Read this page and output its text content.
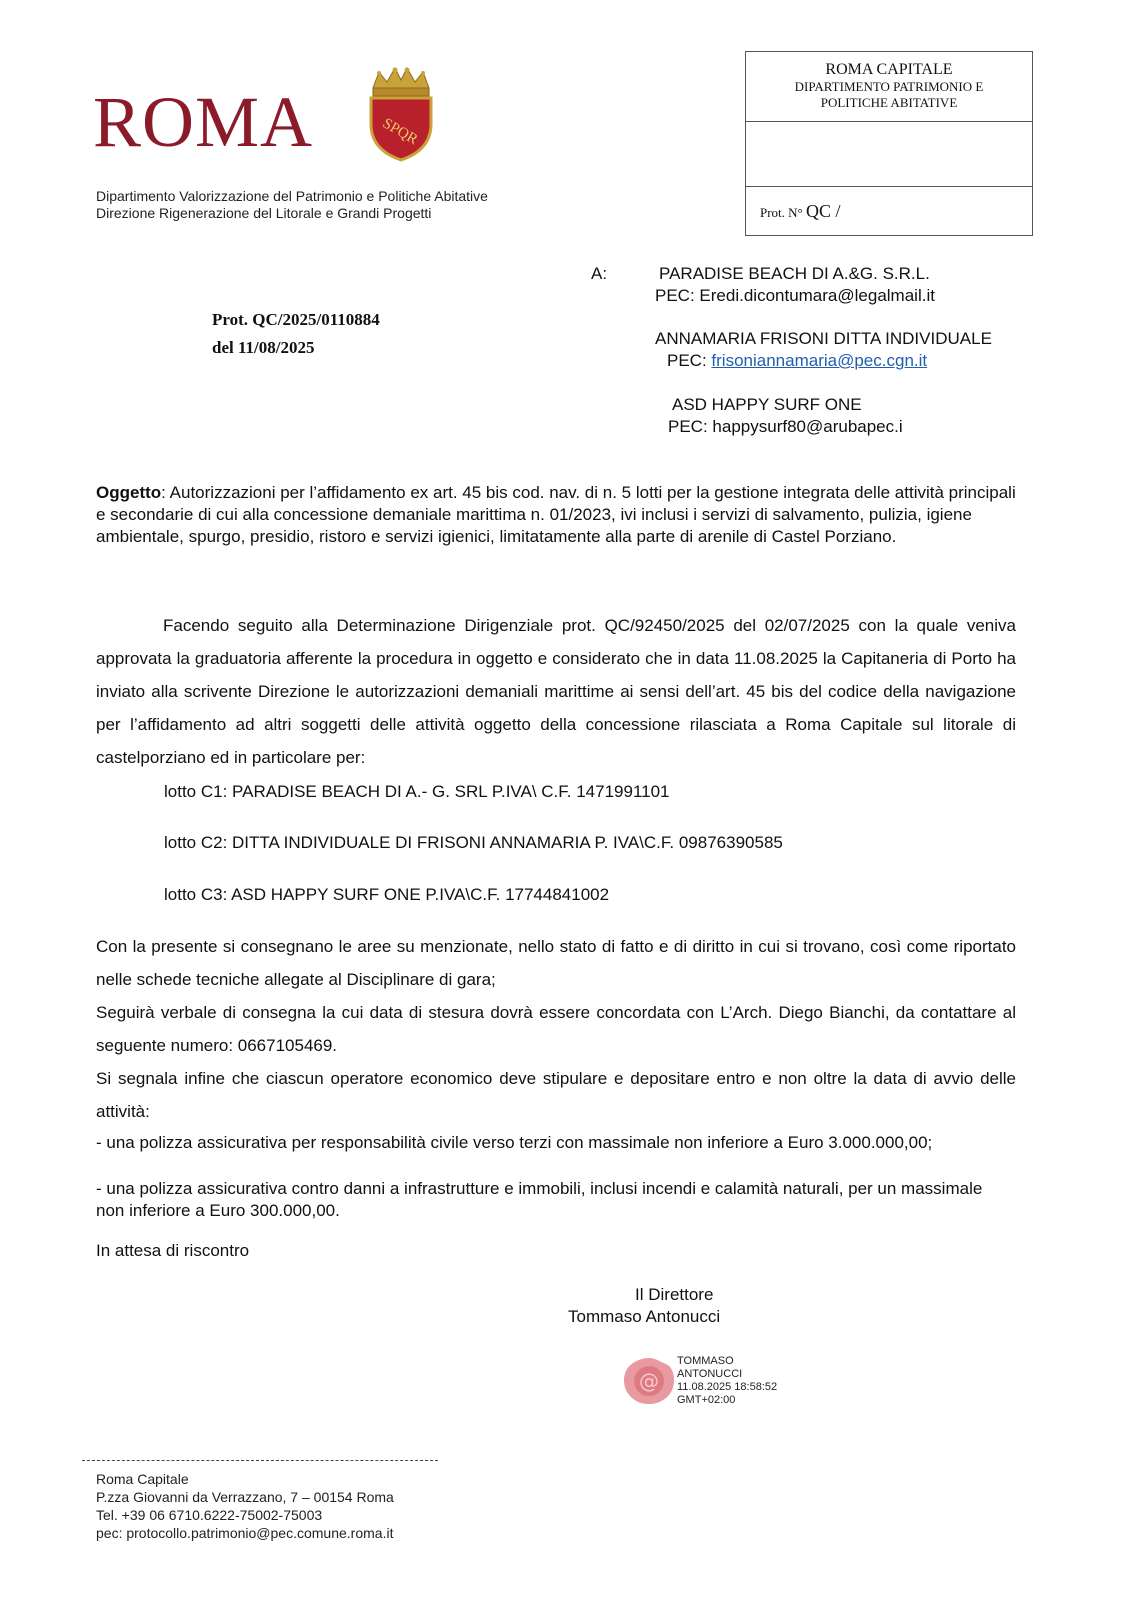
ROMA	SPQR
Dipartimento Valorizzazione del Patrimonio e Politiche Abitative
Direzione Rigenerazione del Litorale e Grandi Progetti
ROMA CAPITALE
DIPARTIMENTO PATRIMONIO E
POLITICHE ABITATIVE
Prot. N° QC /
Prot. QC/2025/0110884
del 11/08/2025
A:	PARADISE BEACH DI A.&G. S.R.L.
PEC: Eredi.dicontumara@legalmail.it
ANNAMARIA FRISONI DITTA INDIVIDUALE
PEC: frisoniannamaria@pec.cgn.it
ASD HAPPY SURF ONE
PEC: happysurf80@arubapec.i
Oggetto: Autorizzazioni per l’affidamento ex art. 45 bis cod. nav. di n. 5 lotti per la gestione integrata delle attività principali e secondarie di cui alla concessione demaniale marittima n. 01/2023, ivi inclusi i servizi di salvamento, pulizia, igiene ambientale, spurgo, presidio, ristoro e servizi igienici, limitatamente alla parte di arenile di Castel Porziano.
Facendo seguito alla Determinazione Dirigenziale prot. QC/92450/2025 del 02/07/2025 con la quale veniva approvata la graduatoria afferente la procedura in oggetto e considerato che in data 11.08.2025 la Capitaneria di Porto ha inviato alla scrivente Direzione le autorizzazioni demaniali marittime ai sensi dell’art. 45 bis del codice della navigazione per l’affidamento ad altri soggetti delle attività oggetto della concessione rilasciata a Roma Capitale sul litorale di castelporziano ed in particolare per:
lotto C1: PARADISE BEACH DI A.- G. SRL P.IVA\ C.F. 1471991101
lotto C2: DITTA INDIVIDUALE DI FRISONI ANNAMARIA P. IVA\C.F. 09876390585
lotto C3: ASD HAPPY SURF ONE P.IVA\C.F. 17744841002
Con la presente si consegnano le aree su menzionate, nello stato di fatto e di diritto in cui si trovano, così come riportato nelle schede tecniche allegate al Disciplinare di gara;
Seguirà verbale di consegna la cui data di stesura dovrà essere concordata con L’Arch. Diego Bianchi, da contattare al seguente numero: 0667105469.
Si segnala infine che ciascun operatore economico deve stipulare e depositare entro e non oltre la data di avvio delle attività:
- una polizza assicurativa per responsabilità civile verso terzi con massimale non inferiore a Euro 3.000.000,00;
- una polizza assicurativa contro danni a infrastrutture e immobili, inclusi incendi e calamità naturali, per un massimale non inferiore a Euro 300.000,00.
In attesa di riscontro
Il Direttore
Tommaso Antonucci
@
TOMMASO
ANTONUCCI
11.08.2025 18:58:52
GMT+02:00
Roma Capitale
P.zza Giovanni da Verrazzano, 7 – 00154 Roma
Tel. +39 06 6710.6222-75002-75003
pec: protocollo.patrimonio@pec.comune.roma.it
